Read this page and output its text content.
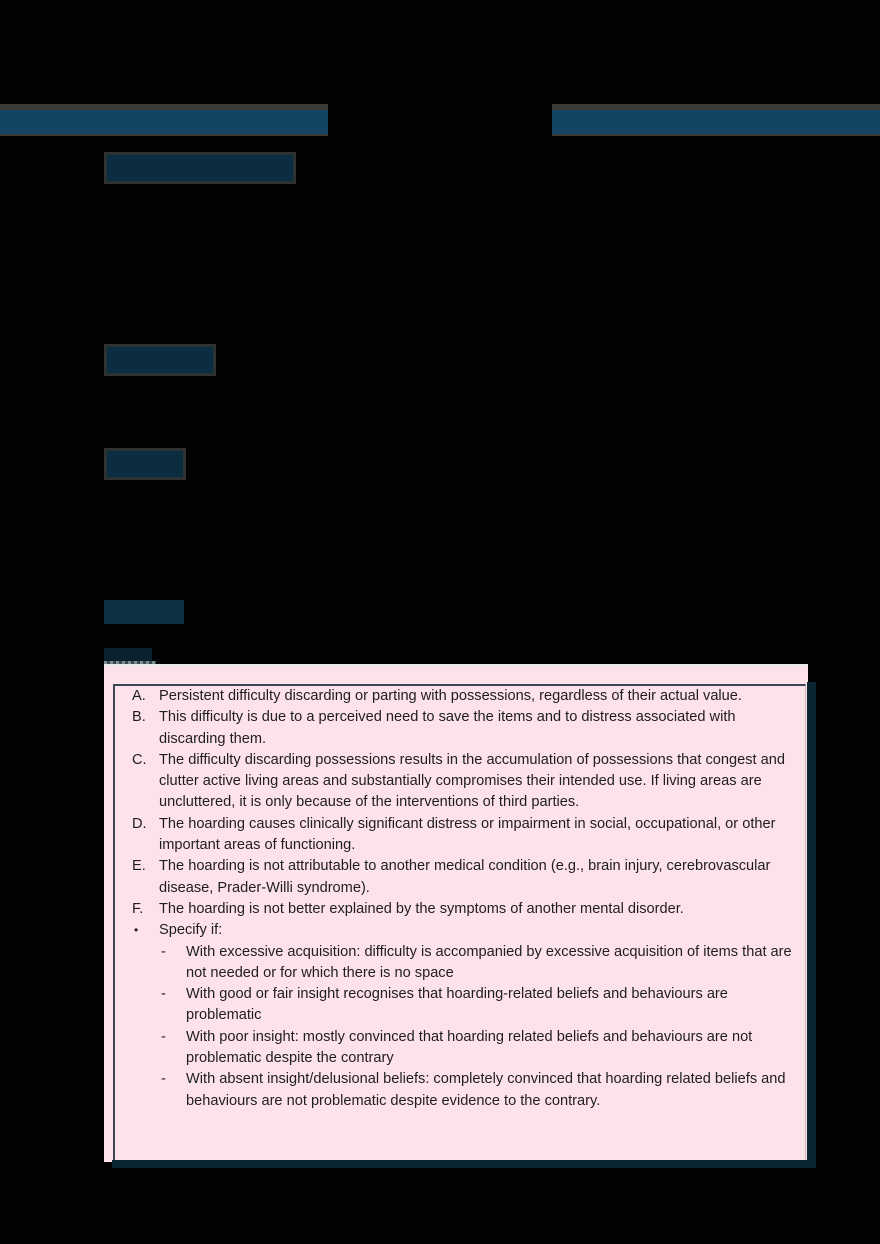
A. Persistent difficulty discarding or parting with possessions, regardless of their actual value.
B. This difficulty is due to a perceived need to save the items and to distress associated with discarding them.
C. The difficulty discarding possessions results in the accumulation of possessions that congest and clutter active living areas and substantially compromises their intended use. If living areas are uncluttered, it is only because of the interventions of third parties.
D. The hoarding causes clinically significant distress or impairment in social, occupational, or other important areas of functioning.
E. The hoarding is not attributable to another medical condition (e.g., brain injury, cerebrovascular disease, Prader-Willi syndrome).
F. The hoarding is not better explained by the symptoms of another mental disorder.
• Specify if:
- With excessive acquisition: difficulty is accompanied by excessive acquisition of items that are not needed or for which there is no space
- With good or fair insight recognises that hoarding-related beliefs and behaviours are problematic
- With poor insight: mostly convinced that hoarding related beliefs and behaviours are not problematic despite the contrary
- With absent insight/delusional beliefs: completely convinced that hoarding related beliefs and behaviours are not problematic despite evidence to the contrary.
